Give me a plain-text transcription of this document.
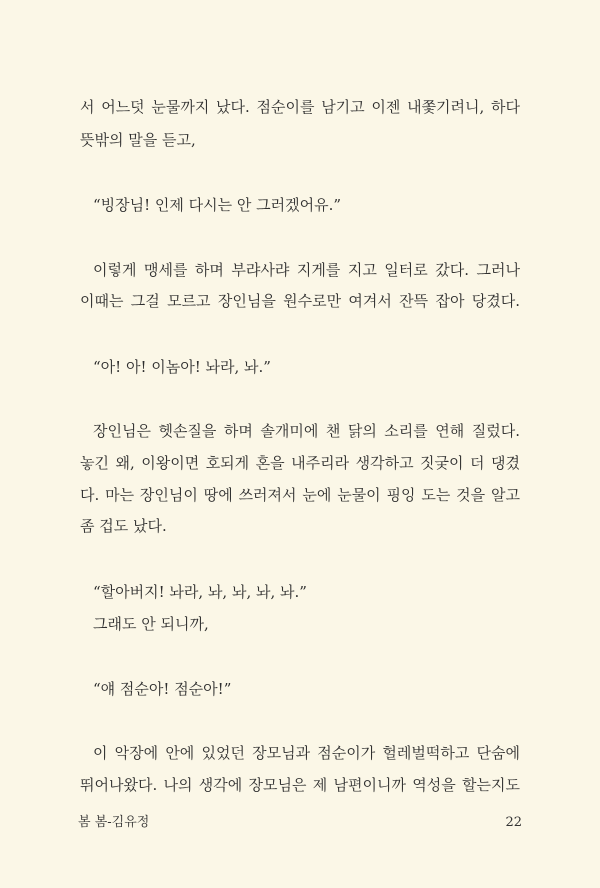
서 어느덧 눈물까지 났다. 점순이를 남기고 이젠 내쫓기려니, 하다
뜻밖의 말을 듣고,
“빙장님! 인제 다시는 안 그러겠어유.”
이렇게 맹세를 하며 부랴사랴 지게를 지고 일터로 갔다. 그러나
이때는 그걸 모르고 장인님을 원수로만 여겨서 잔뜩 잡아 당겼다.
“아! 아! 이놈아! 놔라, 놔.”
장인님은 헷손질을 하며 솔개미에 챈 닭의 소리를 연해 질렀다.
놓긴 왜, 이왕이면 호되게 혼을 내주리라 생각하고 짓궂이 더 댕겼
다. 마는 장인님이 땅에 쓰러져서 눈에 눈물이 핑잉 도는 것을 알고
좀 겁도 났다.
“할아버지! 놔라, 놔, 놔, 놔, 놔.”
그래도 안 되니까,
“얘 점순아! 점순아!”
이 악장에 안에 있었던 장모님과 점순이가 헐레벌떡하고 단숨에
뛰어나왔다. 나의 생각에 장모님은 제 남편이니까 역성을 할는지도
봄 봄-김유정	22
